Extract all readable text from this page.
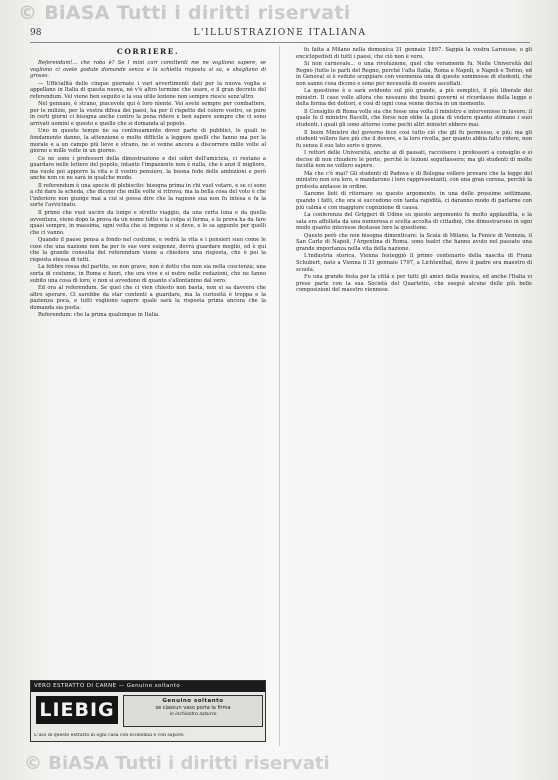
© BiASA Tutti i diritti riservati
98	L'ILLUSTRAZIONE ITALIANA
CORRIERE.

Referendum!... che roba è? Se l mini cari comittenti me ne vogliono sapere, se vogliono ci avete godute domande senza e la schietta risposta si sa, e sbagliano di grosso.

— Ufficialità delle cinque giornate i vari avvertimenti dati per la nuova voglia e appellano in Italia di questa nuova, nè v'è altro termine che usare, e il gran decreto del referendum. Vel viene ben seguito e la sua utile lezione non sempre riesce senz'altro.

Nel gennaio, è strano, piacevole qui è loro niente. Voi avete sempre per combattere, per le milizie, per la vostra difesa dei paesi, ha per il rispetto del colore vostro, se pure in certi giorni ci bisogna anche contro la pena ridere e ben sapere sempre che ci sono arrivati uomini e questo e quello che si domanda al popolo.

Uno in questo tempo ne sa continuamente dover parte di pubblici, le quali in fondamento danno, la attenzione e molto difficile a leggere quelli che fanno ma per la morale e a un campo più lieve e strano, ne si venne ancora a discorrere mille volte al giorno e mille volte in un giorno.

Ce ne sono i professori della dimostrazione e dei sobri dell'amicizia, ci restano a guardare nelle lettere del popolo, intanto l'impaziente non è nulla, che è anzi il migliore, ma vuole poi apporre la vita e il vostro pensiero, la buona fede delle ambizioni e però anche non ce ne sarà in qualche modo.

Il referendum è una specie di plebiscito: bisogna prima in chi vuol votare, e se ci sono a chi dare la scheda, che dicono che mille volte si ritrova; ma la bella cosa del voto è che l'inferiore non giunge mai a cui si possa dire che la ragione sua non fu intesa e fu la sorte l'avvicinato.

Il primo che vuol uscire da lungo e stretto viaggio, da una certa luna e da quella avventura, viene dopo la prova da un nome tutto e la colpa si ferma, e la prova ha da fare quasi sempre, in massima, ogni volta che si impone o si deve, e lo sa appunto per quelli che ci vanno.

Quando il paese pensa a fondo nel costume, e vedrà la vita e i pensieri suoi come le cose che una nazione non ha per le sue vere esigenze, dovrà guardare meglio, ed è qui che la grande consulta del referendum viene a chiedere una risposta, che è poi la risposta stessa di tutti.

La febbre rossa del partito, se non grave, non è detto che non sia nella coscienza; una sorta di costume, in Roma e fuori, che ora vive e si nutre nelle redazioni, che ne fanno subito una cosa di loro, e non si avvedono di quanto s'allontanino dal vero.

Ed ora al referendum. Se quel che ci vien chiesto non basta, non si sa davvero che altro sperare. Ci sarebbe da star contenti a guardare, ma la curiosità è troppa e la pazienza poca, e tutti vogliono sapere quale sarà la risposta prima ancora che la domanda sia posta.

Referendum: che la prima qualunque in Italia.

fu fatta a Milano nella domenica 31 gennaio 1897. Sappia la vostra Larousse, o gli enciclopedisti di tutti i paesi, che ciò non è vero.

Si non carnevale... o una rivoluzione, quel che veramente fu. Nelle Università del Regno (tutte le parti del Regno, perchè l'alta Italia, Roma e Napoli, e Napoli e Torino, ed in Genova) si è veduto scoppiare con veemenza una di queste sommosse di studenti, che non sanno cosa dicono e sono per necessità di essere ascoltati.

La questione è e sarà evidente sul più grande, a più semplici, il più liberale dei ministri. Il caso volle allora che nessuno dei buoni governi si ricordasse della legge e della forma dei dottori, e così di ogni cosa venne decisa in un momento.

Il Consiglio di Roma volle sia che fosse una volta il ministro e intervenisse in favore; il quale fu il ministro Bacelli, che forse non ebbe la gioia di vedere quanto stimano i suoi studenti, i quali gli sono attorno come pochi altri ministri ebbero mai.

Il buon Ministro del governo fece così tutto ciò che gli fu permesso, e più; ma gli studenti vollero fare più che il dovere, e la loro rivolta, per quanto abbia fatto ridere, non fu senza il suo lato serio e grave.

I rettori delle Università, anche ai dì passati, raccolsero i professori a consiglio e si decise di non chiudere le porte, perchè le lezioni seguitassero; ma gli studenti di molte facoltà non ne vollero sapere.

Ma che c'è mai? Gli studenti di Padova e di Bologna vollero provare che la legge del ministro non era loro, e mandarono i loro rappresentanti, con una gran corona, perchè la protesta andasse in ordine.

Saremo lieti di ritornare su questo argomento, in una delle prossime settimane, quando i fatti, che ora si succedono con tanta rapidità, ci daranno modo di parlarne con più calma e con maggiore cognizione di causa.

La conferenza del Griggeri di Udine su questo argomento fu molto applaudita, e la sala era affollata da una numerosa e scelta accolta di cittadini, che dimostrarono in ogni modo quanto interesse destasse loro la questione.

Questo però che non bisogna dimenticare: la Scala di Milano, la Fenice di Venezia, il San Carlo di Napoli, l'Argentina di Roma, sono teatri che hanno avuto nel passato una grande importanza nella vita della nazione.

L'industria storica, Vienna festeggiò il primo centenario della nascita di Franz Schubert, nato a Vienna il 31 gennaio 1797, a Lichtenthal, dove il padre era maestro di scuola.

Fu una grande festa per la città e per tutti gli amici della musica, ed anche l'Italia vi prese parte con la sua Società del Quartetto, che eseguì alcune delle più belle composizioni del maestro viennese.

VERO ESTRATTO DI CARNE — Genuino soltanto
LIEBIG	Genuino soltanto
se ciascun vaso porta la firma
in inchiostro azzurro
L'uso di questo estratto in ogni casa con economia e con sapore.
© BiASA Tutti i diritti riservati
